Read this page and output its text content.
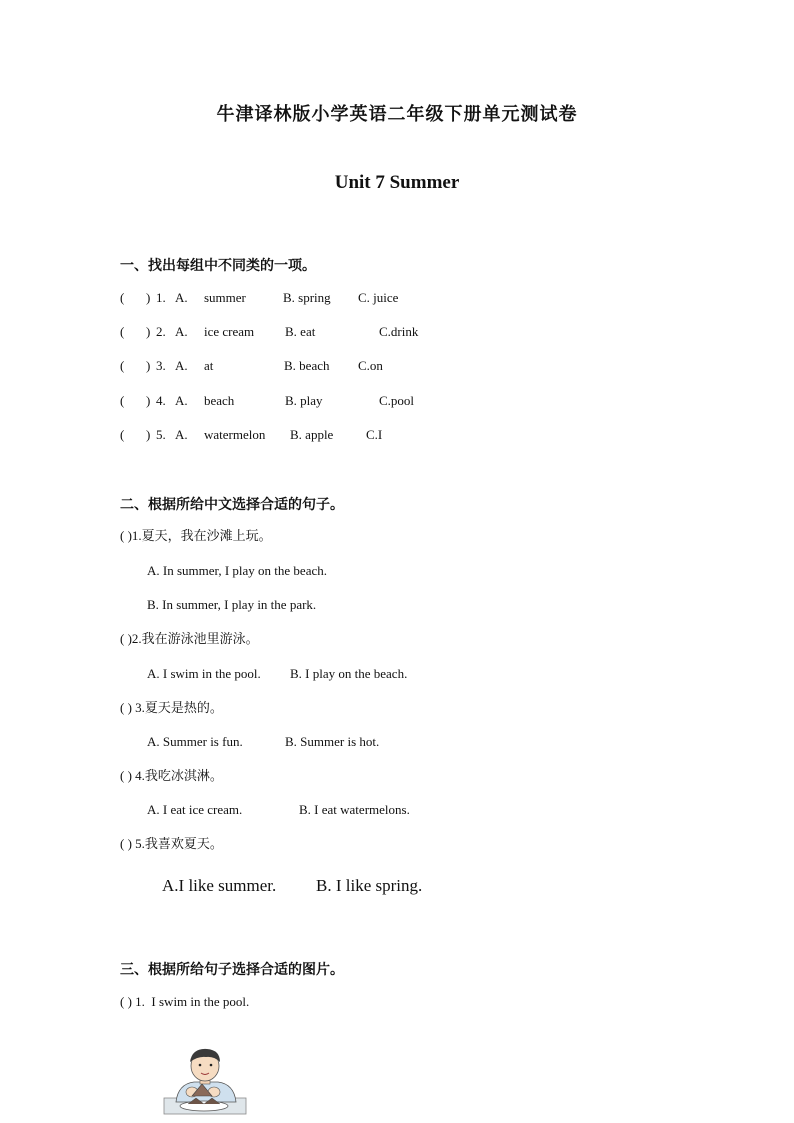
牛津译林版小学英语二年级下册单元测试卷
Unit 7 Summer
一、找出每组中不同类的一项。
( ) 1. A. summer	B. spring C. juice
( ) 2. A. ice cream B. eat	C.drink
( ) 3. A. at	B. beach C.on
( ) 4. A. beach	B. play	C.pool
( ) 5. A. watermelon B. apple	C.I
二、根据所给中文选择合适的句子。
( )1.夏天，我在沙滩上玩。
A. In summer, I play on the beach.
B. In summer, I play in the park.
( )2.我在游泳池里游泳。
A. I swim in the pool. B. I play on the beach.
( ) 3.夏天是热的。
A. Summer is fun.	B. Summer is hot.
( ) 4.我吃冰淇淋。
A. I eat ice cream.	B. I eat watermelons.
( ) 5.我喜欢夏天。
A.I like summer. B. I like spring.
三、根据所给句子选择合适的图片。
( ) 1. I swim in the pool.
